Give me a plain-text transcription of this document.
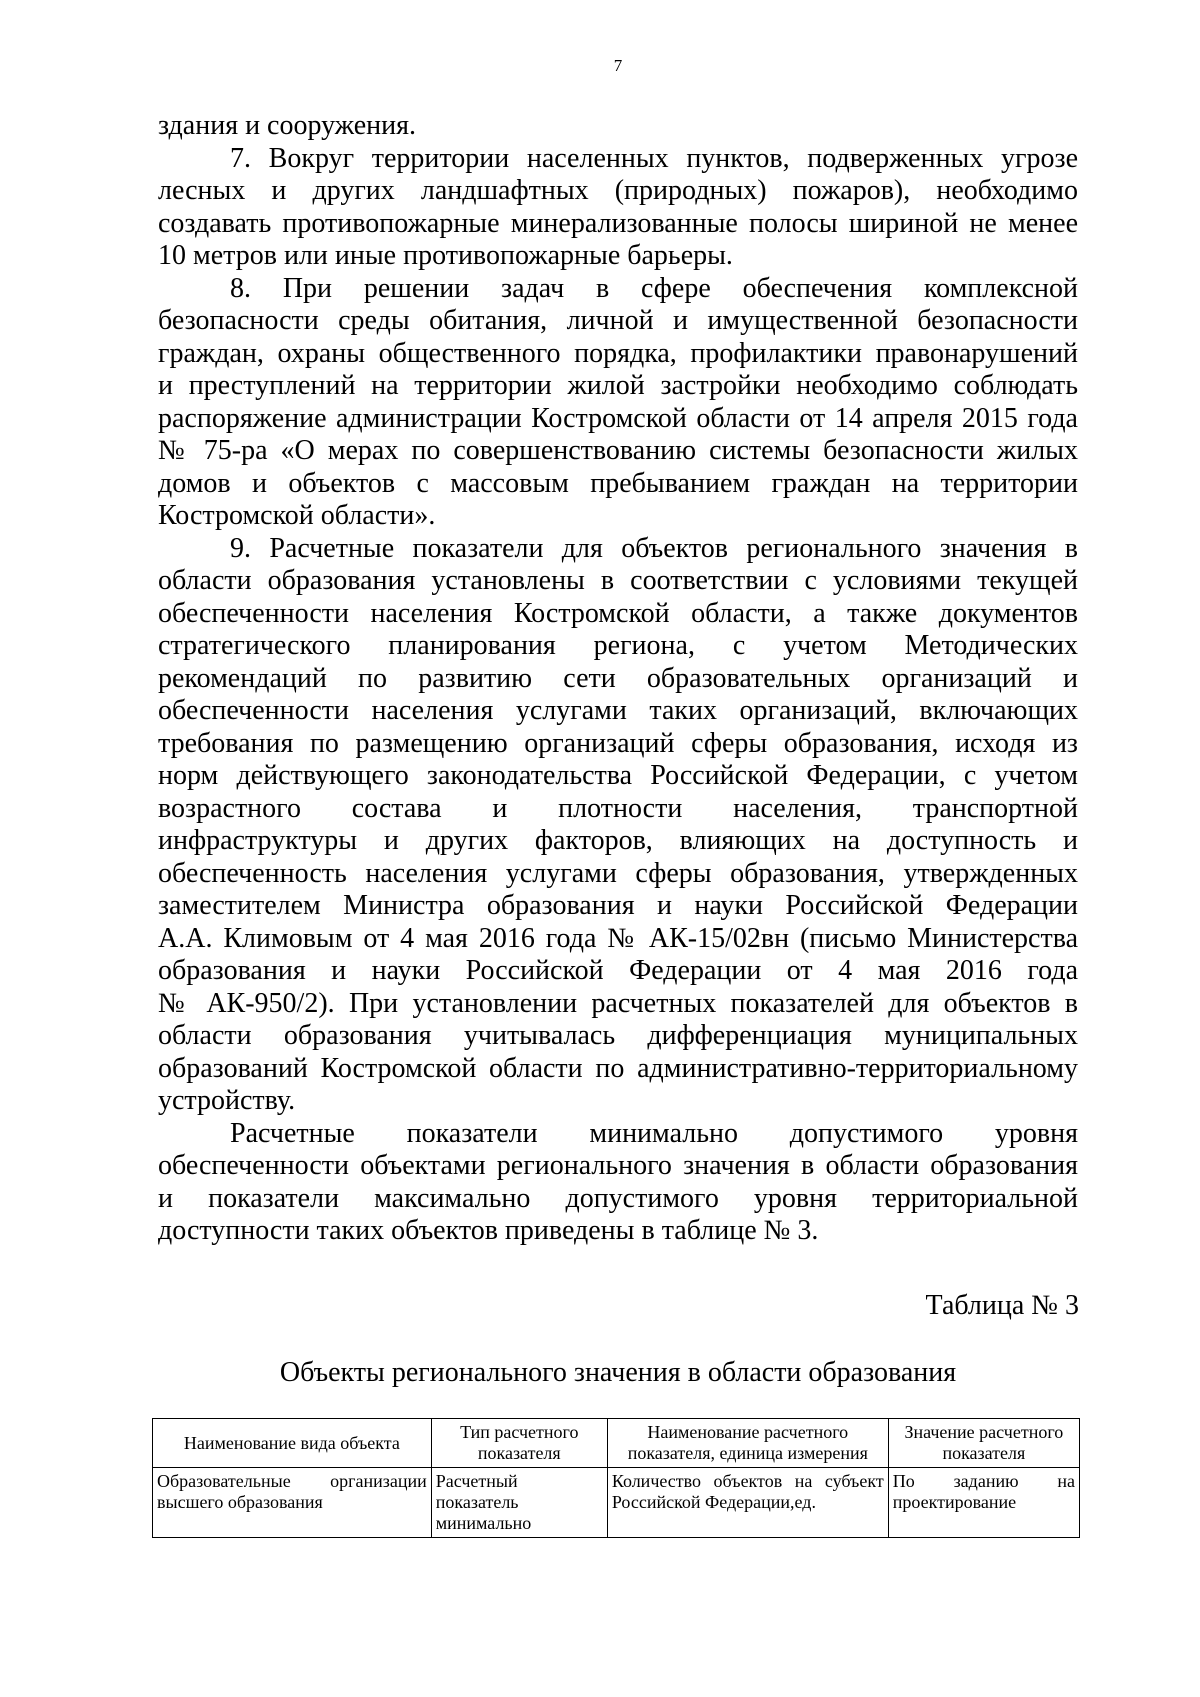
7

здания и сооружения.

7. Вокруг территории населенных пунктов, подверженных угрозе

лесных и других ландшафтных (природных) пожаров), необходимо

создавать противопожарные минерализованные полосы шириной не менее

10 метров или иные противопожарные барьеры.

8. При решении задач в сфере обеспечения комплексной

безопасности среды обитания, личной и имущественной безопасности

граждан, охраны общественного порядка, профилактики правонарушений

и преступлений на территории жилой застройки необходимо соблюдать

распоряжение администрации Костромской области от 14 апреля 2015 года

№ 75-ра «О мерах по совершенствованию системы безопасности жилых

домов и объектов с массовым пребыванием граждан на территории

Костромской области».

9. Расчетные показатели для объектов регионального значения в

области образования установлены в соответствии с условиями текущей

обеспеченности населения Костромской области, а также документов

стратегического планирования региона, с учетом Методических

рекомендаций по развитию сети образовательных организаций и

обеспеченности населения услугами таких организаций, включающих

требования по размещению организаций сферы образования, исходя из

норм действующего законодательства Российской Федерации, с учетом

возрастного состава и плотности населения, транспортной

инфраструктуры и других факторов, влияющих на доступность и

обеспеченность населения услугами сферы образования, утвержденных

заместителем Министра образования и науки Российской Федерации

А.А. Климовым от 4 мая 2016 года № АК-15/02вн (письмо Министерства

образования и науки Российской Федерации от 4 мая 2016 года

№ АК-950/2). При установлении расчетных показателей для объектов в

области образования учитывалась дифференциация муниципальных

образований Костромской области по административно-территориальному

устройству.

Расчетные показатели минимально допустимого уровня

обеспеченности объектами регионального значения в области образования

и показатели максимально допустимого уровня территориальной

доступности таких объектов приведены в таблице № 3.

Таблица № 3
Объекты регионального значения в области образования
Наименование вида объекта	Тип расчетного показателя	Наименование расчетного показателя, единица измерения	Значение расчетного показателя
Образовательные организации высшего образования	Расчетный показатель минимально	Количество объектов на субъект Российской Федерации,ед.	По заданию на проектирование
